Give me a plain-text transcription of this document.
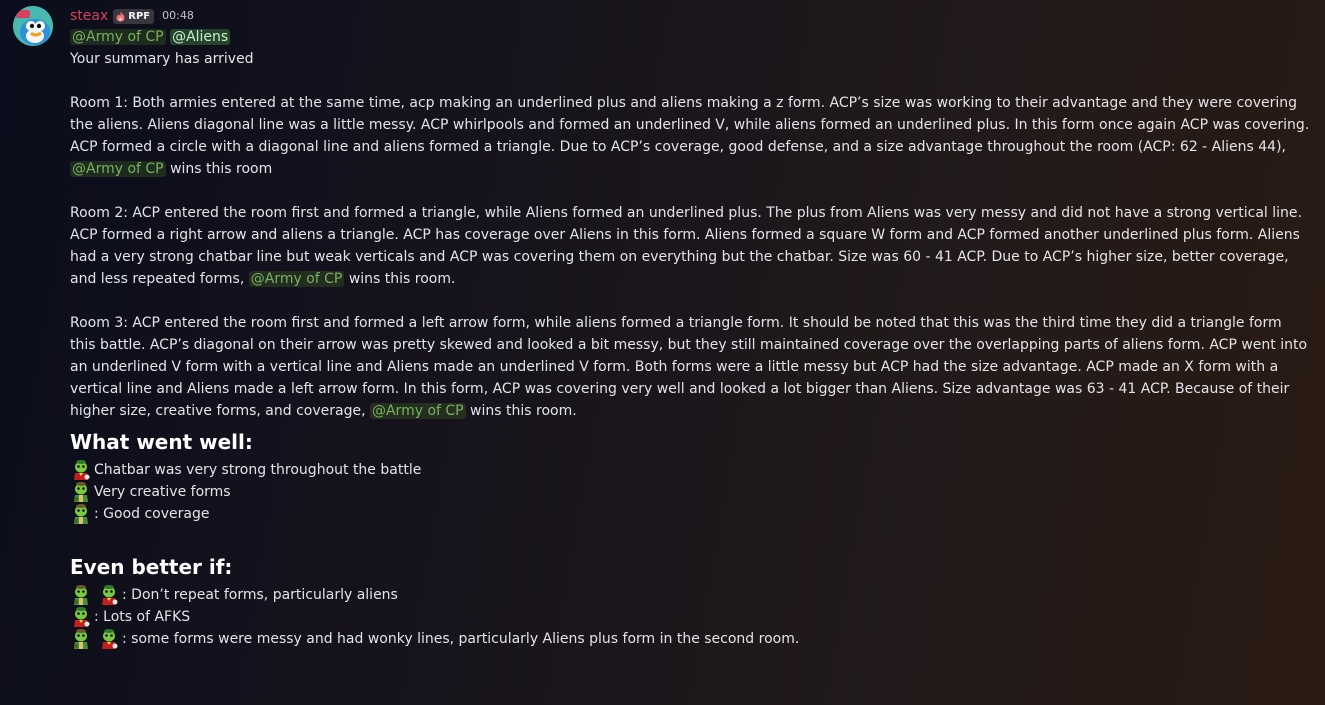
steax RPF 00:48
@Army of CP @Aliens
Your summary has arrived

Room 1: Both armies entered at the same time, acp making an underlined plus and aliens making a z form. ACP’s size was working to their advantage and they were covering the aliens. Aliens diagonal line was a little messy. ACP whirlpools and formed an underlined V, while aliens formed an underlined plus. In this form once again ACP was covering. ACP formed a circle with a diagonal line and aliens formed a triangle. Due to ACP’s coverage, good defense, and a size advantage throughout the room (ACP: 62 - Aliens 44), @Army of CP wins this room

Room 2: ACP entered the room first and formed a triangle, while Aliens formed an underlined plus. The plus from Aliens was very messy and did not have a strong vertical line. ACP formed a right arrow and aliens a triangle. ACP has coverage over Aliens in this form. Aliens formed a square W form and ACP formed another underlined plus form. Aliens had a very strong chatbar line but weak verticals and ACP was covering them on everything but the chatbar. Size was 60 - 41 ACP. Due to ACP’s higher size, better coverage, and less repeated forms, @Army of CP wins this room.

Room 3: ACP entered the room first and formed a left arrow form, while aliens formed a triangle form. It should be noted that this was the third time they did a triangle form this battle. ACP’s diagonal on their arrow was pretty skewed and looked a bit messy, but they still maintained coverage over the overlapping parts of aliens form. ACP went into an underlined V form with a vertical line and Aliens made an underlined V form. Both forms were a little messy but ACP had the size advantage. ACP made an X form with a vertical line and Aliens made a left arrow form. In this form, ACP was covering very well and looked a lot bigger than Aliens. Size advantage was 63 - 41 ACP. Because of their higher size, creative forms, and coverage, @Army of CP wins this room.

What went well:
Chatbar was very strong throughout the battle
Very creative forms
: Good coverage
Even better if:
: Don’t repeat forms, particularly aliens
: Lots of AFKS
: some forms were messy and had wonky lines, particularly Aliens plus form in the second room.
